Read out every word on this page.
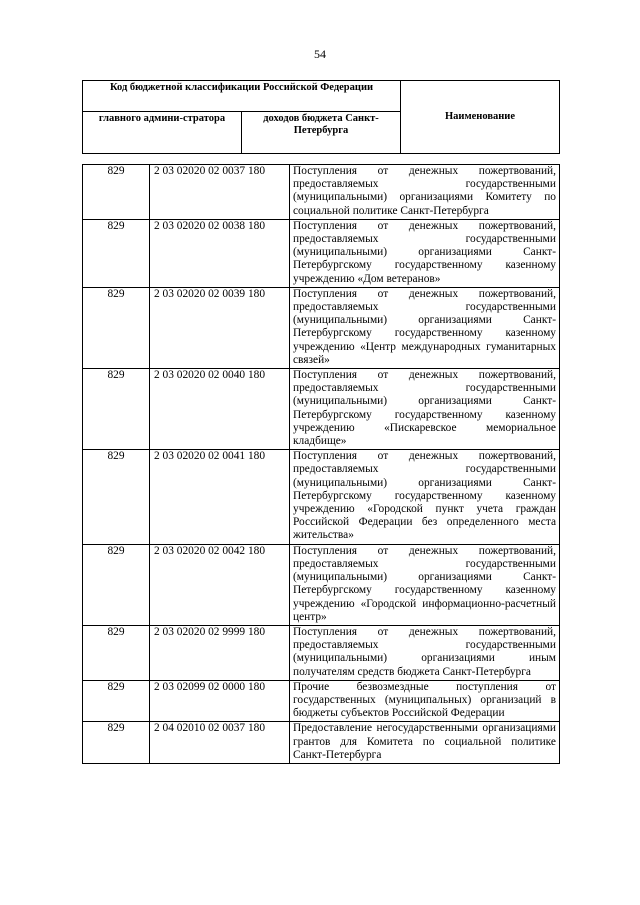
54
Код бюджетной классификации Российской Федерации		Наименование
главного админи-стратора	доходов бюджета Санкт-Петербурга	
829	2 03 02020 02 0037 180	Поступления от денежных пожертвований, предоставляемых государственными (муниципальными) организациями Комитету по социальной политике Санкт-Петербурга
829	2 03 02020 02 0038 180	Поступления от денежных пожертвований, предоставляемых государственными (муниципальными) организациями Санкт-Петербургскому государственному казенному учреждению «Дом ветеранов»
829	2 03 02020 02 0039 180	Поступления от денежных пожертвований, предоставляемых государственными (муниципальными) организациями Санкт-Петербургскому государственному казенному учреждению «Центр международных гуманитарных связей»
829	2 03 02020 02 0040 180	Поступления от денежных пожертвований, предоставляемых государственными (муниципальными) организациями Санкт-Петербургскому государственному казенному учреждению «Пискаревское мемориальное кладбище»
829	2 03 02020 02 0041 180	Поступления от денежных пожертвований, предоставляемых государственными (муниципальными) организациями Санкт-Петербургскому государственному казенному учреждению «Городской пункт учета граждан Российской Федерации без определенного места жительства»
829	2 03 02020 02 0042 180	Поступления от денежных пожертвований, предоставляемых государственными (муниципальными) организациями Санкт-Петербургскому государственному казенному учреждению «Городской информационно-расчетный центр»
829	2 03 02020 02 9999 180	Поступления от денежных пожертвований, предоставляемых государственными (муниципальными) организациями иным получателям средств бюджета Санкт-Петербурга
829	2 03 02099 02 0000 180	Прочие безвозмездные поступления от государственных (муниципальных) организаций в бюджеты субъектов Российской Федерации
829	2 04 02010 02 0037 180	Предоставление негосударственными организациями грантов для Комитета по социальной политике Санкт-Петербурга
